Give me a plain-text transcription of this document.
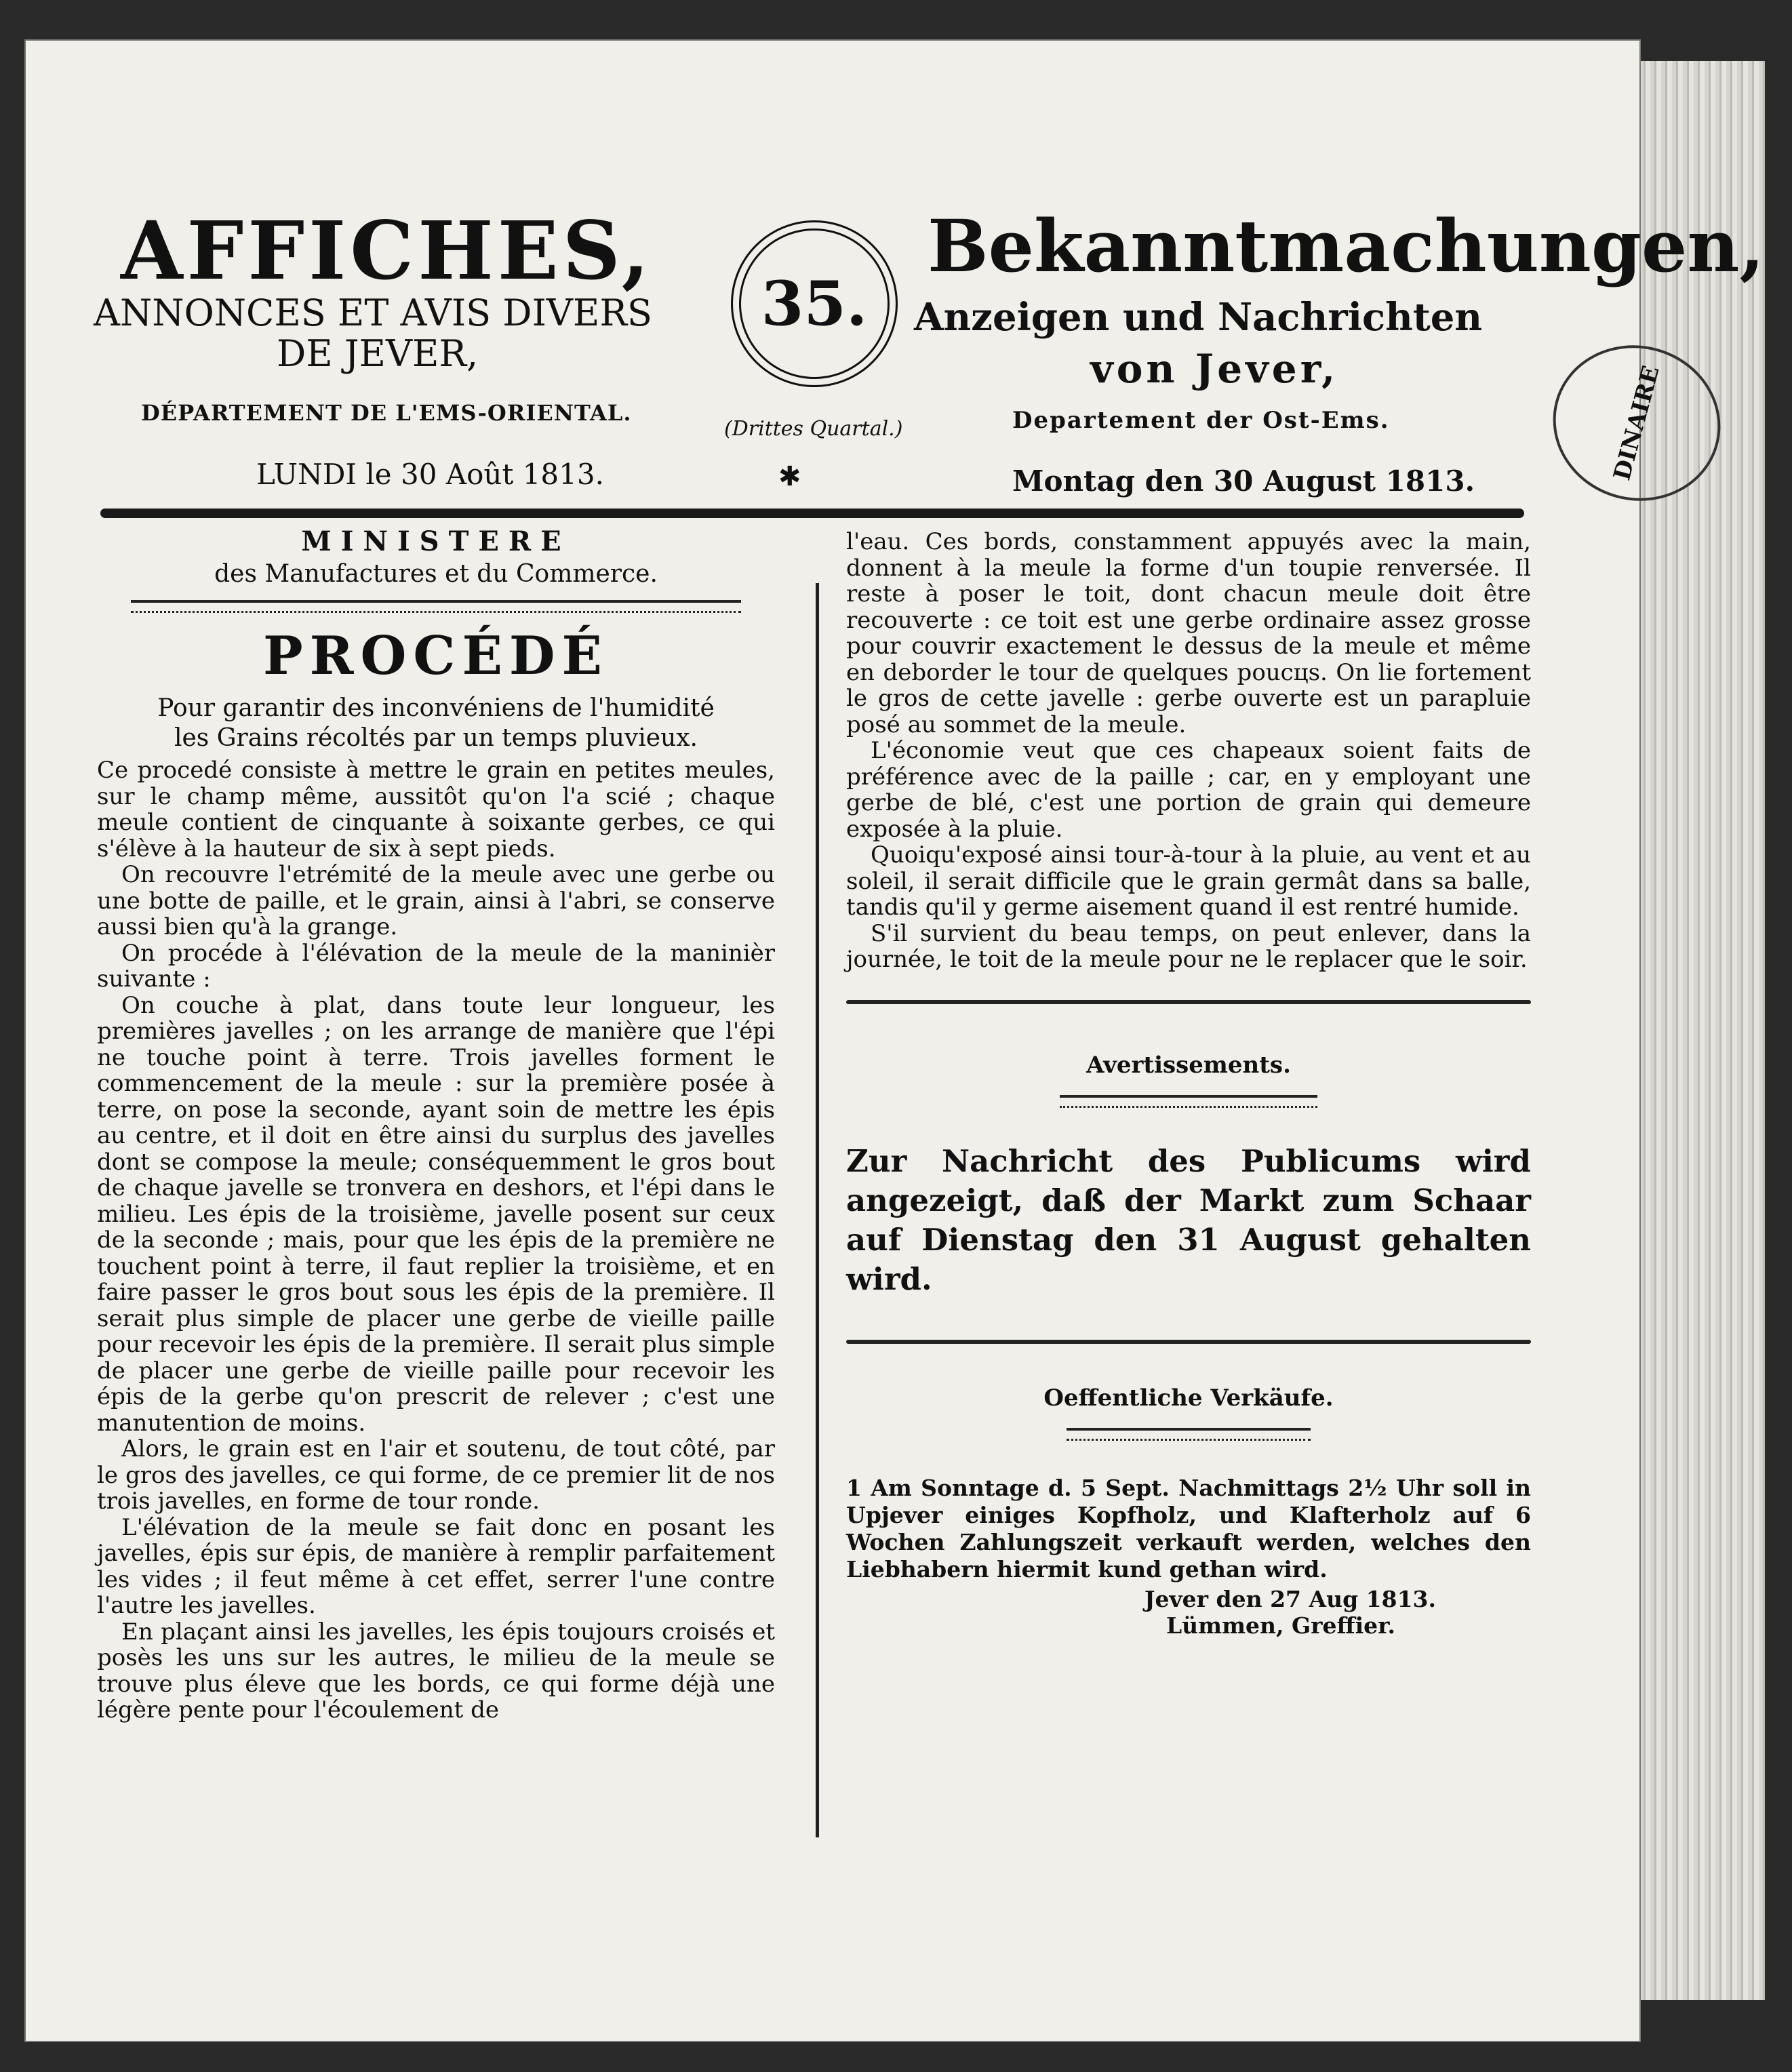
AFFICHES,
ANNONCES ET AVIS DIVERS
DE JEVER,
DÉPARTEMENT DE L'EMS-ORIENTAL.
LUNDI le 30 Août 1813.
35.
(Drittes Quartal.)
✱
Bekanntmachungen,
Anzeigen und Nachrichten
von Jever,
Departement der Ost-Ems.
Montag den 30 August 1813.
MINISTERE
des Manufactures et du Commerce.
PROCÉDÉ
Pour garantir des inconvéniens de l'humidité
les Grains récoltés par un temps pluvieux.

Ce procedé consiste à mettre le grain en petites meules, sur le champ même, aussitôt qu'on l'a scié ; chaque meule contient de cinquante à soixante gerbes, ce qui s'élève à la hauteur de six à sept pieds.

On recouvre l'etrémité de la meule avec une gerbe ou une botte de paille, et le grain, ainsi à l'abri, se conserve aussi bien qu'à la grange.

On procéde à l'élévation de la meule de la maninièr suivante :

On couche à plat, dans toute leur longueur, les premières javelles ; on les arrange de manière que l'épi ne touche point à terre. Trois javelles forment le commencement de la meule : sur la première posée à terre, on pose la seconde, ayant soin de mettre les épis au centre, et il doit en être ainsi du surplus des javelles dont se compose la meule; conséquemment le gros bout de chaque javelle se tronvera en deshors, et l'épi dans le milieu. Les épis de la troisième, javelle posent sur ceux de la seconde ; mais, pour que les épis de la première ne touchent point à terre, il faut replier la troisième, et en faire passer le gros bout sous les épis de la première. Il serait plus simple de placer une gerbe de vieille paille pour recevoir les épis de la première. Il serait plus simple de placer une gerbe de vieille paille pour recevoir les épis de la gerbe qu'on prescrit de relever ; c'est une manutention de moins.

Alors, le grain est en l'air et soutenu, de tout côté, par le gros des javelles, ce qui forme, de ce premier lit de nos trois javelles, en forme de tour ronde.

L'élévation de la meule se fait donc en posant les javelles, épis sur épis, de manière à remplir parfaitement les vides ; il feut même à cet effet, serrer l'une contre l'autre les javelles.

En plaçant ainsi les javelles, les épis toujours croisés et posès les uns sur les autres, le milieu de la meule se trouve plus éleve que les bords, ce qui forme déjà une légère pente pour l'écoulement de

l'eau. Ces bords, constamment appuyés avec la main, donnent à la meule la forme d'un toupie renversée. Il reste à poser le toit, dont chacun meule doit être recouverte : ce toit est une gerbe ordinaire assez grosse pour couvrir exactement le dessus de la meule et même en deborder le tour de quelques poucцs. On lie fortement le gros de cette javelle : gerbe ouverte est un parapluie posé au sommet de la meule.

L'économie veut que ces chapeaux soient faits de préférence avec de la paille ; car, en y employant une gerbe de blé, c'est une portion de grain qui demeure exposée à la pluie.

Quoiqu'exposé ainsi tour-à-tour à la pluie, au vent et au soleil, il serait difficile que le grain germât dans sa balle, tandis qu'il y germe aisement quand il est rentré humide.

S'il survient du beau temps, on peut enlever, dans la journée, le toit de la meule pour ne le replacer que le soir.

Avertissements.

Zur Nachricht des Publicums wird angezeigt, daß der Markt zum Schaar auf Dienstag den 31 August gehalten wird.

Oeffentliche Verkäufe.

1 Am Sonntage d. 5 Sept. Nachmittags 2½ Uhr soll in Upjever einiges Kopfholz, und Klafterholz auf 6 Wochen Zahlungszeit verkauft werden, welches den Liebhabern hiermit kund gethan wird.

Jever den 27 Aug 1813.
Lümmen, Greffier.
DINAIRE
